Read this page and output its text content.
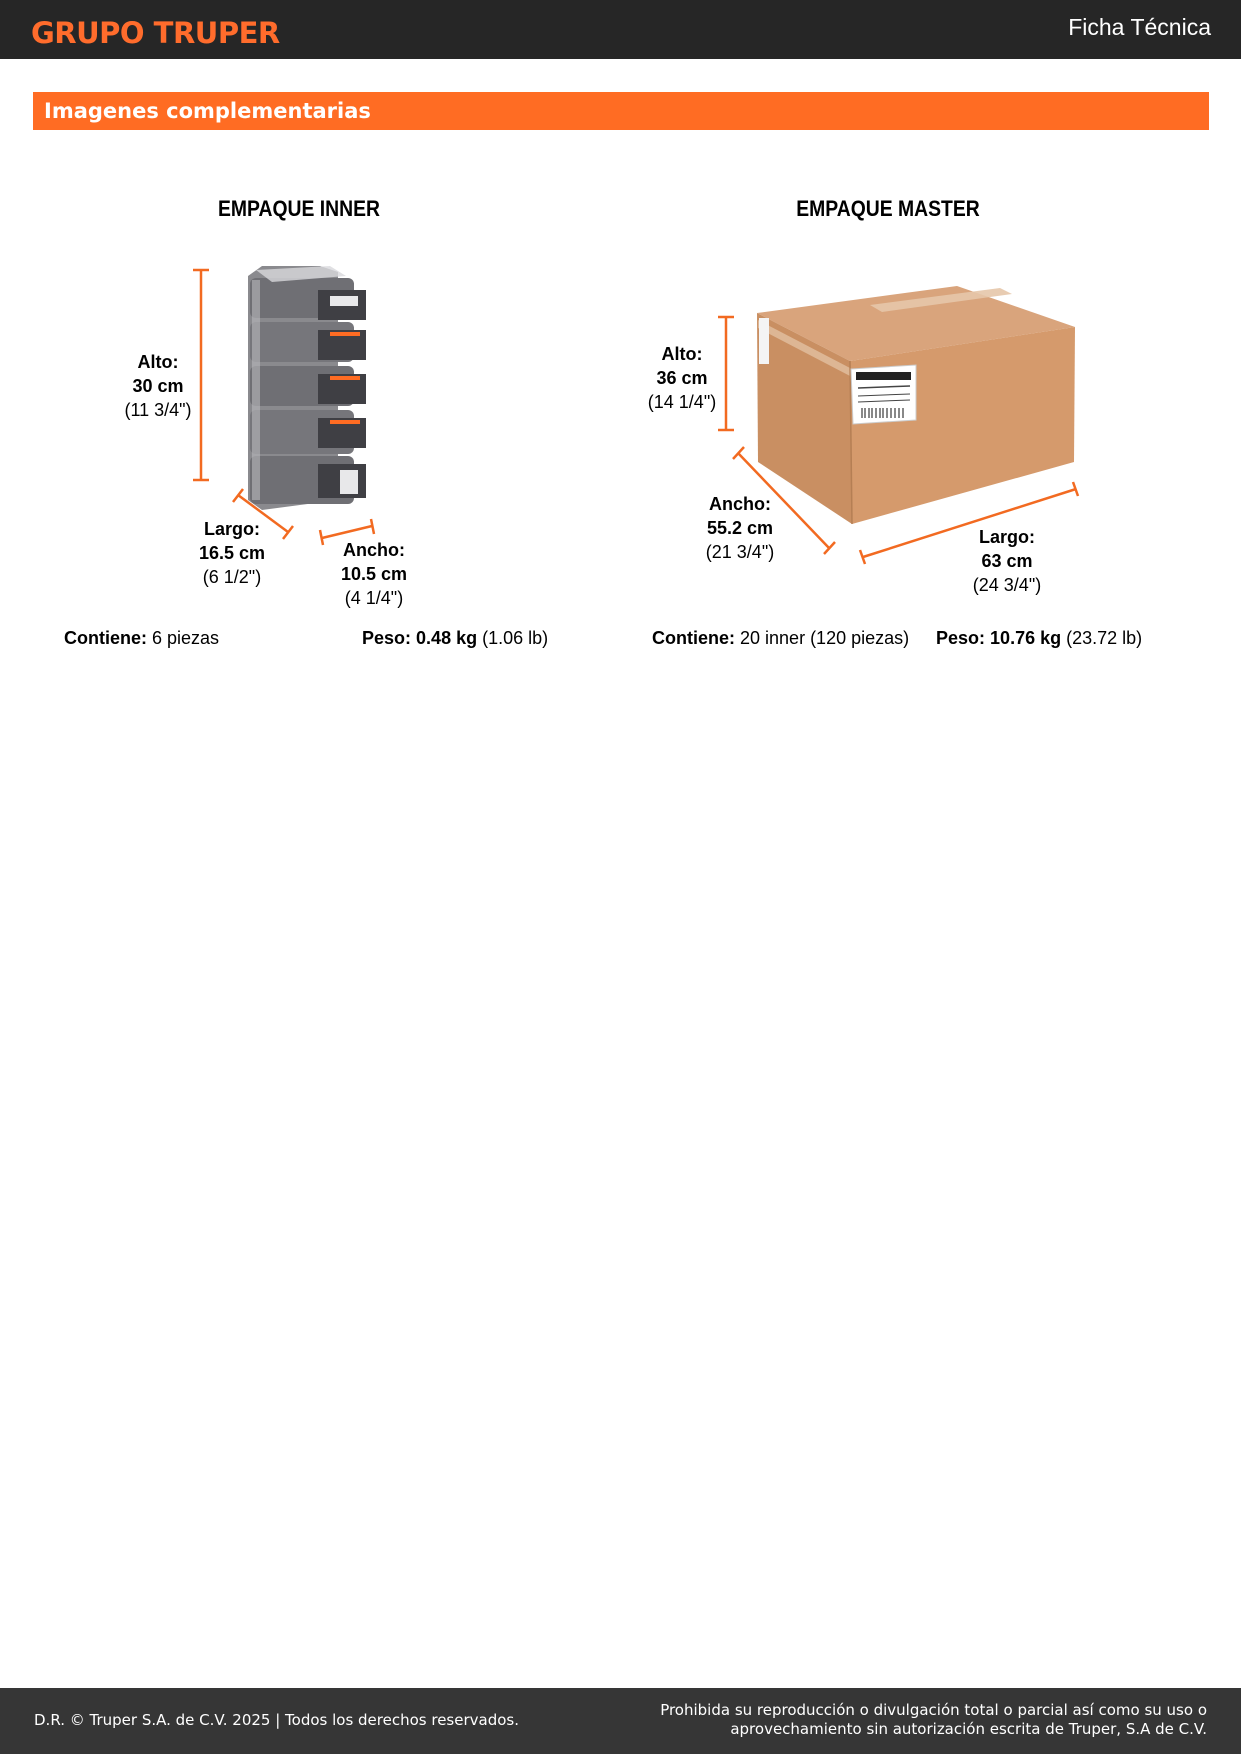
GRUPO TRUPER	Ficha Técnica
Imagenes complementarias
EMPAQUE INNER	EMPAQUE MASTER
Alto:
30 cm
(11 3/4")
Largo:
16.5 cm
(6 1/2")
Ancho:
10.5 cm
(4 1/4")
Alto:
36 cm
(14 1/4")
Ancho:
55.2 cm
(21 3/4")
Largo:
63 cm
(24 3/4")
Contiene: 6 piezas	Peso: 0.48 kg (1.06 lb)	Contiene: 20 inner (120 piezas) Peso: 10.76 kg (23.72 lb)
D.R. © Truper S.A. de C.V. 2025 | Todos los derechos reservados.
Prohibida su reproducción o divulgación total o parcial así como su uso o
aprovechamiento sin autorización escrita de Truper, S.A de C.V.
